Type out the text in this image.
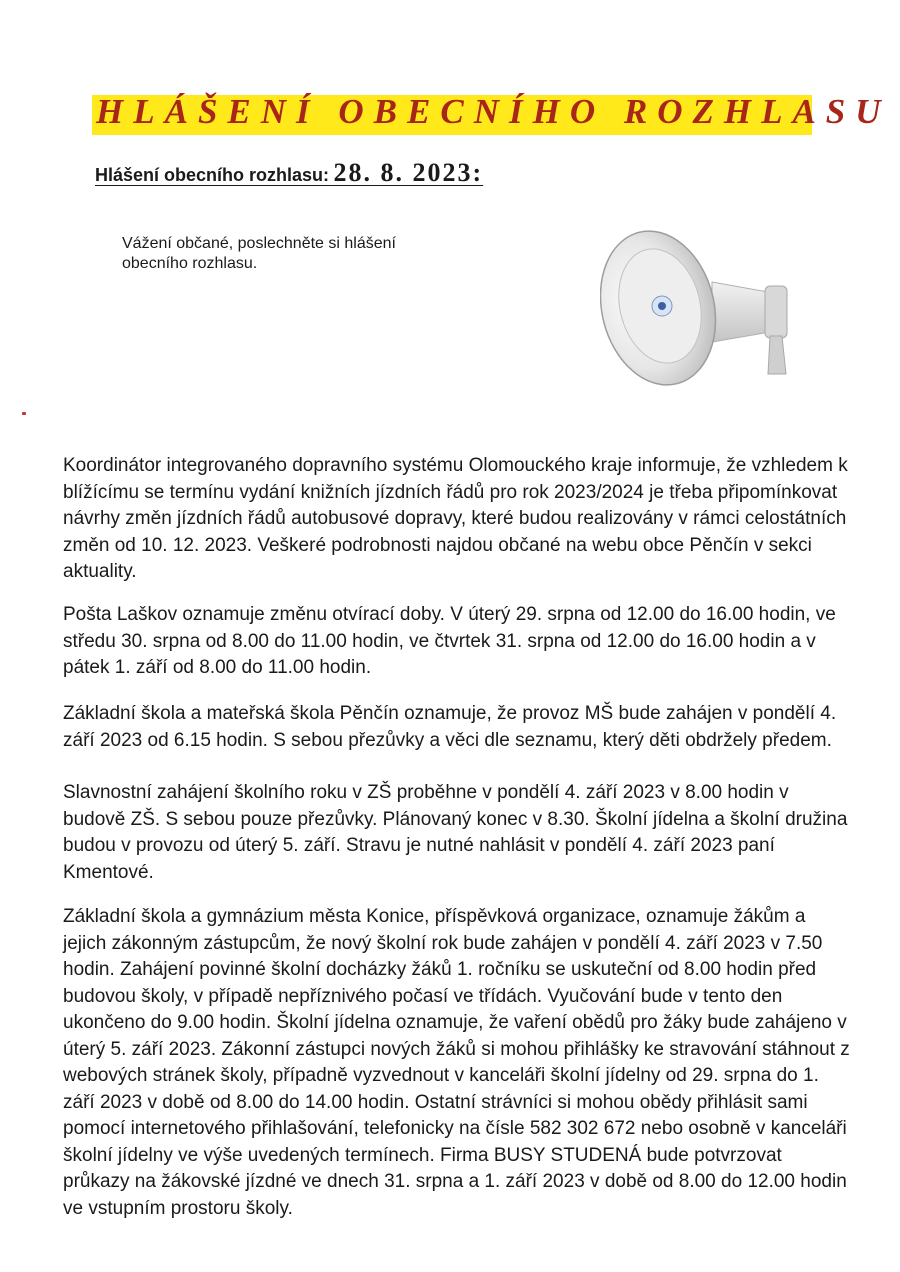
HLÁŠENÍ OBECNÍHO ROZHLASU
Hlášení obecního rozhlasu: 28. 8. 2023:
Vážení občané, poslechněte si hlášení obecního rozhlasu.

Koordinátor integrovaného dopravního systému Olomouckého kraje informuje, že vzhledem k blížícímu se termínu vydání knižních jízdních řádů pro rok 2023/2024 je třeba připomínkovat návrhy změn jízdních řádů autobusové dopravy, které budou realizovány v rámci celostátních změn od 10. 12. 2023. Veškeré podrobnosti najdou občané na webu obce Pěnčín v sekci aktuality.

Pošta Laškov oznamuje změnu otvírací doby. V úterý 29. srpna od 12.00 do 16.00 hodin, ve středu 30. srpna od 8.00 do 11.00 hodin, ve čtvrtek 31. srpna od 12.00 do 16.00 hodin a v pátek 1. září od 8.00 do 11.00 hodin.

Základní škola a mateřská škola Pěnčín oznamuje, že provoz MŠ bude zahájen v pondělí 4. září 2023 od 6.15 hodin. S sebou přezůvky a věci dle seznamu, který děti obdržely předem.

Slavnostní zahájení školního roku v ZŠ proběhne v pondělí 4. září 2023 v 8.00 hodin v budově ZŠ. S sebou pouze přezůvky. Plánovaný konec v 8.30. Školní jídelna a školní družina budou v provozu od úterý 5. září. Stravu je nutné nahlásit v pondělí 4. září 2023 paní Kmentové.

Základní škola a gymnázium města Konice, příspěvková organizace, oznamuje žákům a jejich zákonným zástupcům, že nový školní rok bude zahájen v pondělí 4. září 2023 v 7.50 hodin. Zahájení povinné školní docházky žáků 1. ročníku se uskuteční od 8.00 hodin před budovou školy, v případě nepříznivého počasí ve třídách. Vyučování bude v tento den ukončeno do 9.00 hodin. Školní jídelna oznamuje, že vaření obědů pro žáky bude zahájeno v úterý 5. září 2023. Zákonní zástupci nových žáků si mohou přihlášky ke stravování stáhnout z webových stránek školy, případně vyzvednout v kanceláři školní jídelny od 29. srpna do 1. září 2023 v době od 8.00 do 14.00 hodin. Ostatní strávníci si mohou obědy přihlásit sami pomocí internetového přihlašování, telefonicky na čísle 582 302 672 nebo osobně v kanceláři školní jídelny ve výše uvedených termínech. Firma BUSY STUDENÁ bude potvrzovat průkazy na žákovské jízdné ve dnech 31. srpna a 1. září 2023 v době od 8.00 do 12.00 hodin ve vstupním prostoru školy.
